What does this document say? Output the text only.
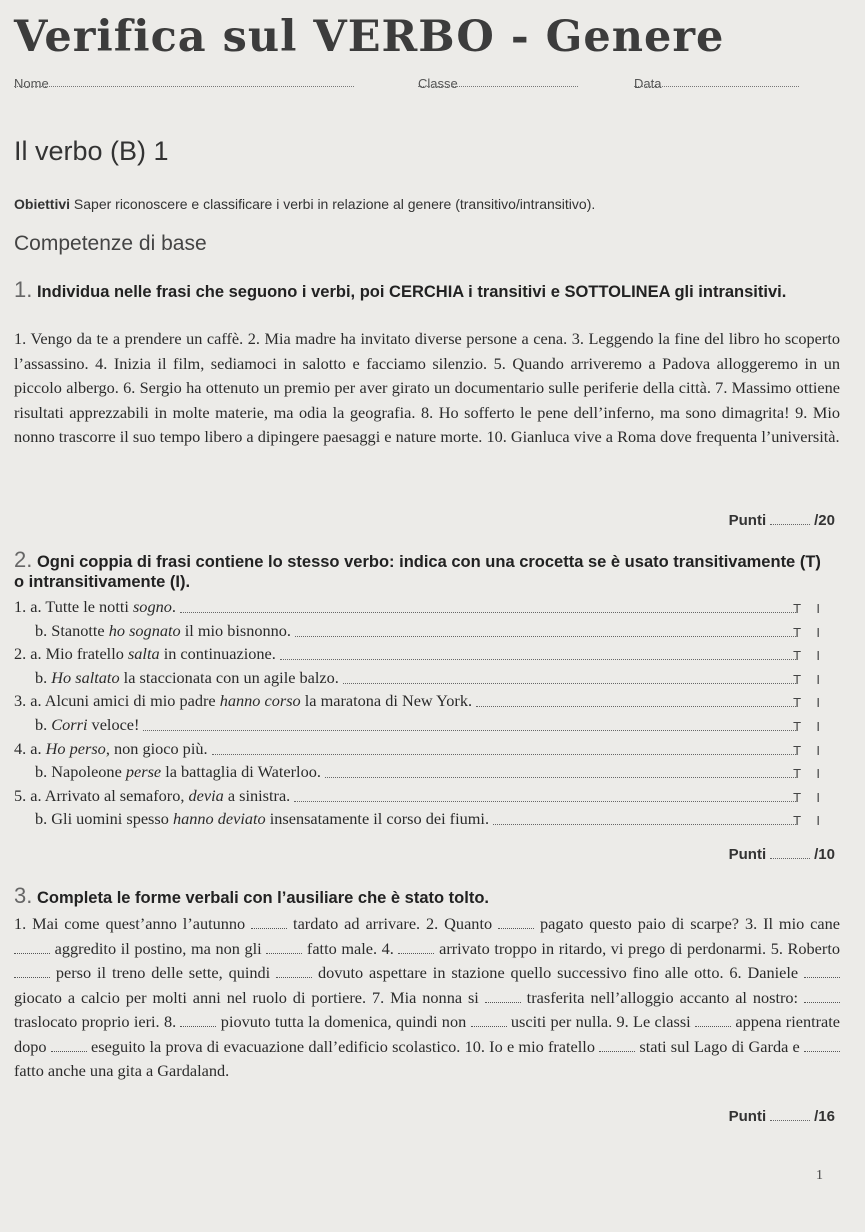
Verifica sul VERBO - Genere
Nome	Classe	Data
Il verbo (B) 1
Obiettivi Saper riconoscere e classificare i verbi in relazione al genere (transitivo/intransitivo).
Competenze di base
1. Individua nelle frasi che seguono i verbi, poi CERCHIA i transitivi e SOTTOLINEA gli intransitivi.
1. Vengo da te a prendere un caffè. 2. Mia madre ha invitato diverse persone a cena. 3. Leggendo la fine del libro ho scoperto l’assassino. 4. Inizia il film, sediamoci in salotto e facciamo silenzio. 5. Quando arriveremo a Padova alloggeremo in un piccolo albergo. 6. Sergio ha ottenuto un premio per aver girato un documentario sulle periferie della città. 7. Massimo ottiene risultati apprezzabili in molte materie, ma odia la geografia. 8. Ho sofferto le pene dell’inferno, ma sono dimagrita! 9. Mio nonno trascorre il suo tempo libero a dipingere paesaggi e nature morte. 10. Gianluca vive a Roma dove frequenta l’università.
Punti	/20
2. Ogni coppia di frasi contiene lo stesso verbo: indica con una crocetta se è usato transitivamente (T) o intransitivamente (I).
1. a. Tutte le notti sogno.	T I
b. Stanotte ho sognato il mio bisnonno.	T I
2. a. Mio fratello salta in continuazione.	T I
b. Ho saltato la staccionata con un agile balzo.	T I
3. a. Alcuni amici di mio padre hanno corso la maratona di New York.	T I
b. Corri veloce!	T I
4. a. Ho perso, non gioco più.	T I
b. Napoleone perse la battaglia di Waterloo.	T I
5. a. Arrivato al semaforo, devia a sinistra.	T I
b. Gli uomini spesso hanno deviato insensatamente il corso dei fiumi.	T I
Punti	/10
3. Completa le forme verbali con l’ausiliare che è stato tolto.
1. Mai come quest’anno l’autunno  tardato ad arrivare. 2. Quanto  pagato questo paio di scarpe? 3. Il mio cane  aggredito il postino, ma non gli  fatto male. 4.  arrivato troppo in ritardo, vi prego di perdonarmi. 5. Roberto  perso il treno delle sette, quindi  dovuto aspettare in stazione quello successivo fino alle otto. 6. Daniele  giocato a calcio per molti anni nel ruolo di portiere. 7. Mia nonna si  trasferita nell’alloggio accanto al nostro:  traslocato proprio ieri. 8.  piovuto tutta la domenica, quindi non  usciti per nulla. 9. Le classi  appena rientrate dopo  eseguito la prova di evacuazione dall’edificio scolastico. 10. Io e mio fratello  stati sul Lago di Garda e  fatto anche una gita a Gardaland.
Punti	/16
1
